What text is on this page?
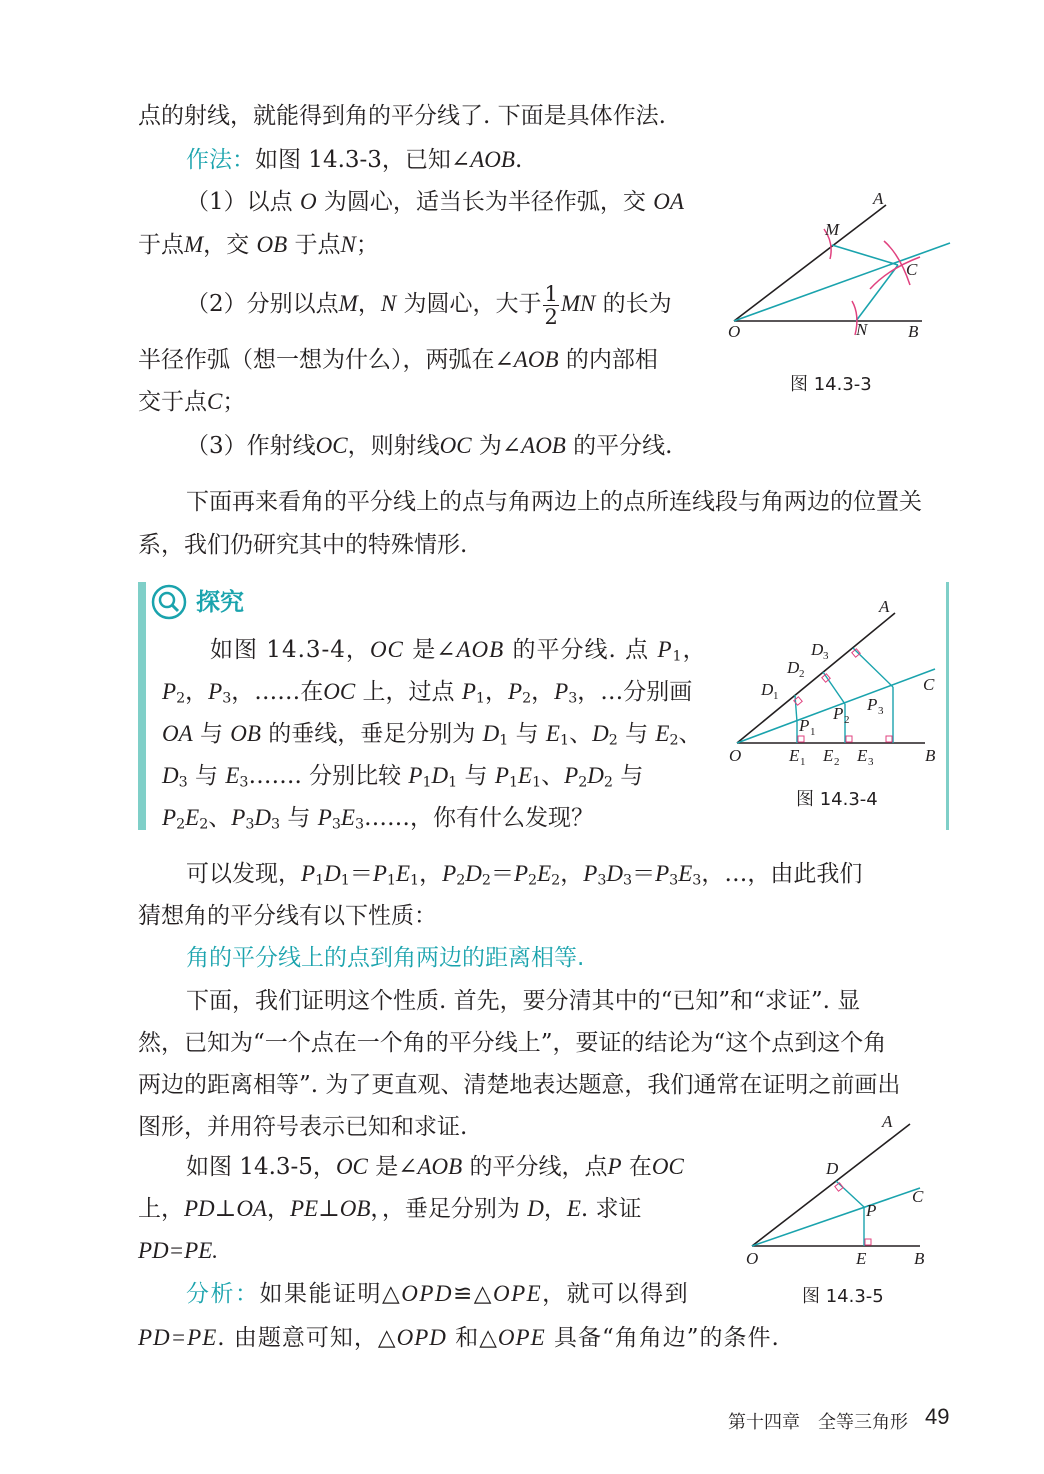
点的射线，就能得到角的平分线了. 下面是具体作法.
作法：如图 14.3-3，已知∠AOB.
（1）以点 O 为圆心，适当长为半径作弧，交 OA
于点M，交 OB 于点N；
（2）分别以点M，N 为圆心，大于 $\frac{1}{2}$ MN 的长为
半径作弧（想一想为什么），两弧在∠AOB 的内部相
交于点C；
（3）作射线OC，则射线OC 为∠AOB 的平分线.
A
M
C
O	N B
图 14.3-3
下面再来看角的平分线上的点与角两边上的点所连线段与角两边的位置关
系，我们仍研究其中的特殊情形.
探究
如图 14.3-4，OC 是∠AOB 的平分线. 点 $P_1$，
$P_2$，$P_3$，……在OC 上，过点 $P_1$，$P_2$，$P_3$，…分别画
OA 与 OB 的垂线，垂足分别为 $D_1$ 与 $E_1$、$D_2$ 与 $E_2$、
$D_3$ 与 $E_3\dots\dots$. 分别比较 $P_1D_1$ 与 $P_1E_1$、$P_2D_2$ 与
$P_2E_2$、$P_3D_3$ 与 $P_3E_3\dots\dots$，你有什么发现？
A
D 3
D 2
D 1
C
P 3
P 2
P 1
O	E 1 E 2 E 3	B
图 14.3-4
可以发现，$P_1D_1=P_1E_1$，$P_2D_2=P_2E_2$，$P_3D_3=P_3E_3$，…，由此我们
猜想角的平分线有以下性质：
角的平分线上的点到角两边的距离相等.
下面，我们证明这个性质. 首先，要分清其中的“已知”和“求证”. 显
然，已知为“一个点在一个角的平分线上”，要证的结论为“这个点到这个角
两边的距离相等”. 为了更直观、清楚地表达题意，我们通常在证明之前画出
图形，并用符号表示已知和求证.
如图 14.3-5，OC 是∠AOB 的平分线，点P 在OC
上，PD⊥OA，PE⊥OB，，垂足分别为 D，E. 求证
PD=PE.
A
D
C
P
O	E	B
图 14.3-5
分析：如果能证明△OPD≌△OPE，就可以得到
PD=PE. 由题意可知，△OPD 和△OPE 具备“角角边”的条件.
第十四章　全等三角形 49
